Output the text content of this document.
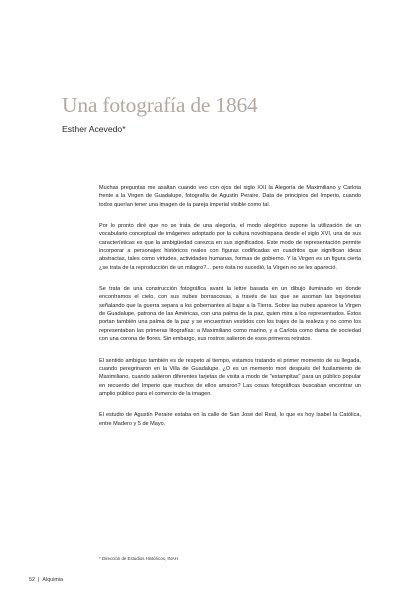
Una fotografía de 1864

Esther Acevedo*

Muchas preguntas me asaltan cuando veo con ojos del siglo XXI la Alegoría de Maximiliano y Carlota frente a la Virgen de Guadalupe, fotografía de Agustín Peraire. Data de principios del Imperio, cuando todos querían tener una imagen de la pareja imperial visible como tal.

Por lo pronto diré que no se trata de una alegoría, el modo alegórico supone la utilización de un vocabulario conceptual de imágenes adoptado por la cultura novohispana desde el siglo XVI, una de sus características es que la ambigüedad carezca en sus significados. Este modo de representación permite incorporar a personajes históricos reales con figuras codificadas en cuadritos que significan ideas abstractas, tales como virtudes, actividades humanas, formas de gobierno. Y la Virgen es un figura cierta ¿se trata de la reproducción de un milagro?... pero ésta no sucedió, la Virgen no se les apareció.

Se trata de una construcción fotográfica avant la lettre basada en un dibujo iluminado en donde encontramos el cielo, con sus nubes borrascosas, a través de las que se asoman las bayonetas señalando que la guerra separa a los gobernantes al bajar a la Tierra. Sobre las nubes aparece la Virgen de Guadalupe, patrona de las Américas, con una palma de la paz, quien mira a los representados. Éstos portan también una palma de la paz y se encuentran vestidos con los trajes de la realeza y no como los representaban las primeras litografías: a Maximiliano como marino, y a Carlota como dama de sociedad con una corona de flores. Sin embargo, sus rostros salieron de esos primeros retratos.

El sentido ambiguo también es de respeto al tiempo, estamos tratando el primer momento de su llegada, cuando peregrinaron en la Villa de Guadalupe. ¿O es un memento mori después del fusilamiento de Maximiliano, cuando salieron diferentes tarjetas de visita a modo de "estampitas" para un público popular en recuerdo del Imperio que muchos de ellos amaron? Las cosas fotográficas buscaban encontrar un amplio público para el comercio de la imagen.

El estudio de Agustín Peraire estaba en la calle de San José del Real, lo que es hoy Isabel la Católica, entre Madero y 5 de Mayo.

* Dirección de Estudios Históricos, INAH

52 | Alquimia
